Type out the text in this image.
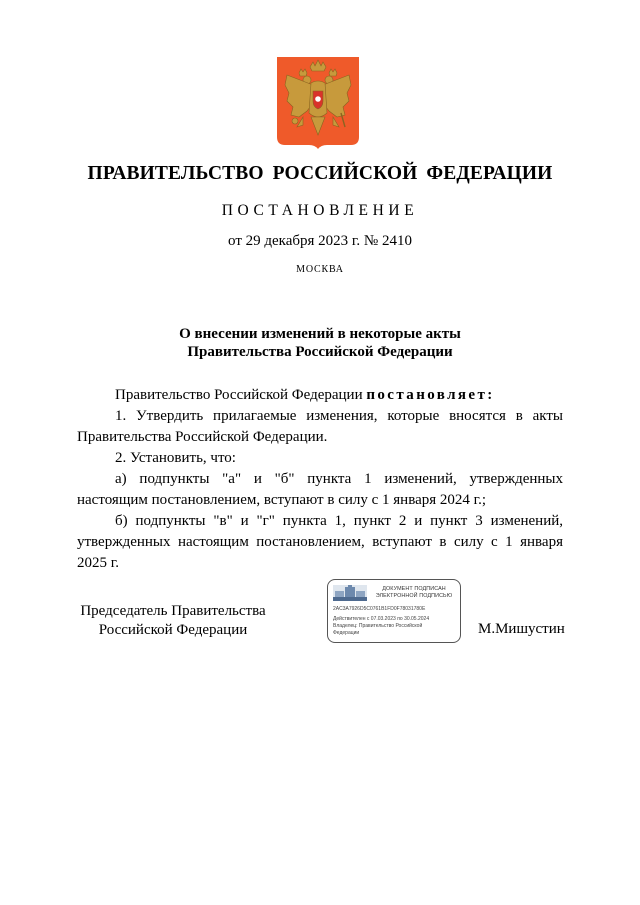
ПРАВИТЕЛЬСТВО РОССИЙСКОЙ ФЕДЕРАЦИИ
ПОСТАНОВЛЕНИЕ
от 29 декабря 2023 г. № 2410
МОСКВА
О внесении изменений в некоторые акты
Правительства Российской Федерации

Правительство Российской Федерации постановляет:

1. Утвердить прилагаемые изменения, которые вносятся в акты Правительства Российской Федерации.

2. Установить, что:

а) подпункты "а" и "б" пункта 1 изменений, утвержденных настоящим постановлением, вступают в силу с 1 января 2024 г.;

б) подпункты "в" и "г" пункта 1, пункт 2 и пункт 3 изменений, утвержденных настоящим постановлением, вступают в силу с 1 января 2025 г.

Председатель Правительства
Российской Федерации
ДОКУМЕНТ ПОДПИСАН
ЭЛЕКТРОННОЙ ПОДПИСЬЮ
2AC3A7926D5C0761B1FD0F78031780E
Действителен с 07.03.2023 по 30.05.2024
Владелец: Правительство Российской
Федерации	М.Мишустин
